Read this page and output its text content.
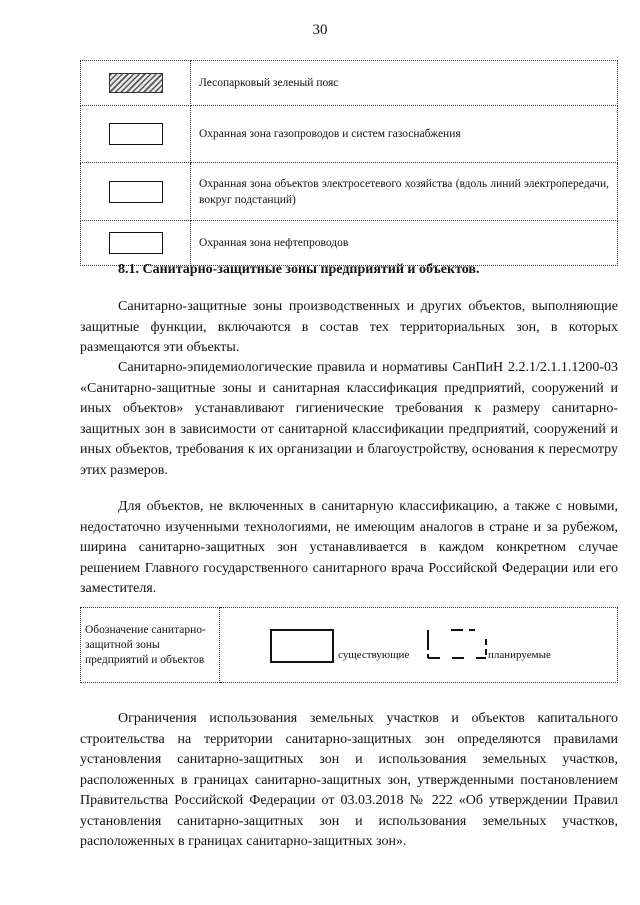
30
	Лесопарковый зеленый пояс
	Охранная зона газопроводов и систем газоснабжения
	Охранная зона объектов электросетевого хозяйства (вдоль линий электропередачи, вокруг подстанций)
	Охранная зона нефтепроводов
8.1. Санитарно-защитные зоны предприятий и объектов.

Санитарно-защитные зоны производственных и других объектов, выполняющие защитные функции, включаются в состав тех территориальных зон, в которых размещаются эти объекты.

Санитарно-эпидемиологические правила и нормативы СанПиН 2.2.1/2.1.1.1200-03 «Санитарно-защитные зоны и санитарная классификация предприятий, сооружений и иных объектов» устанавливают гигиенические требования к размеру санитарно-защитных зон в зависимости от санитарной классификации предприятий, сооружений и иных объектов, требования к их организации и благоустройству, основания к пересмотру этих размеров.

Для объектов, не включенных в санитарную классификацию, а также с новыми, недостаточно изученными технологиями, не имеющим аналогов в стране и за рубежом, ширина санитарно-защитных зон устанавливается в каждом конкретном случае решением Главного государственного санитарного врача Российской Федерации или его заместителя.

Обозначение санитарно-защитной зоны предприятий и объектов	существующие	планируемые

Ограничения использования земельных участков и объектов капитального строительства на территории санитарно-защитных зон определяются правилами установления санитарно-защитных зон и использования земельных участков, расположенных в границах санитарно-защитных зон, утвержденными постановлением Правительства Российской Федерации от 03.03.2018 № 222 «Об утверждении Правил установления санитарно-защитных зон и использования земельных участков, расположенных в границах санитарно-защитных зон».
